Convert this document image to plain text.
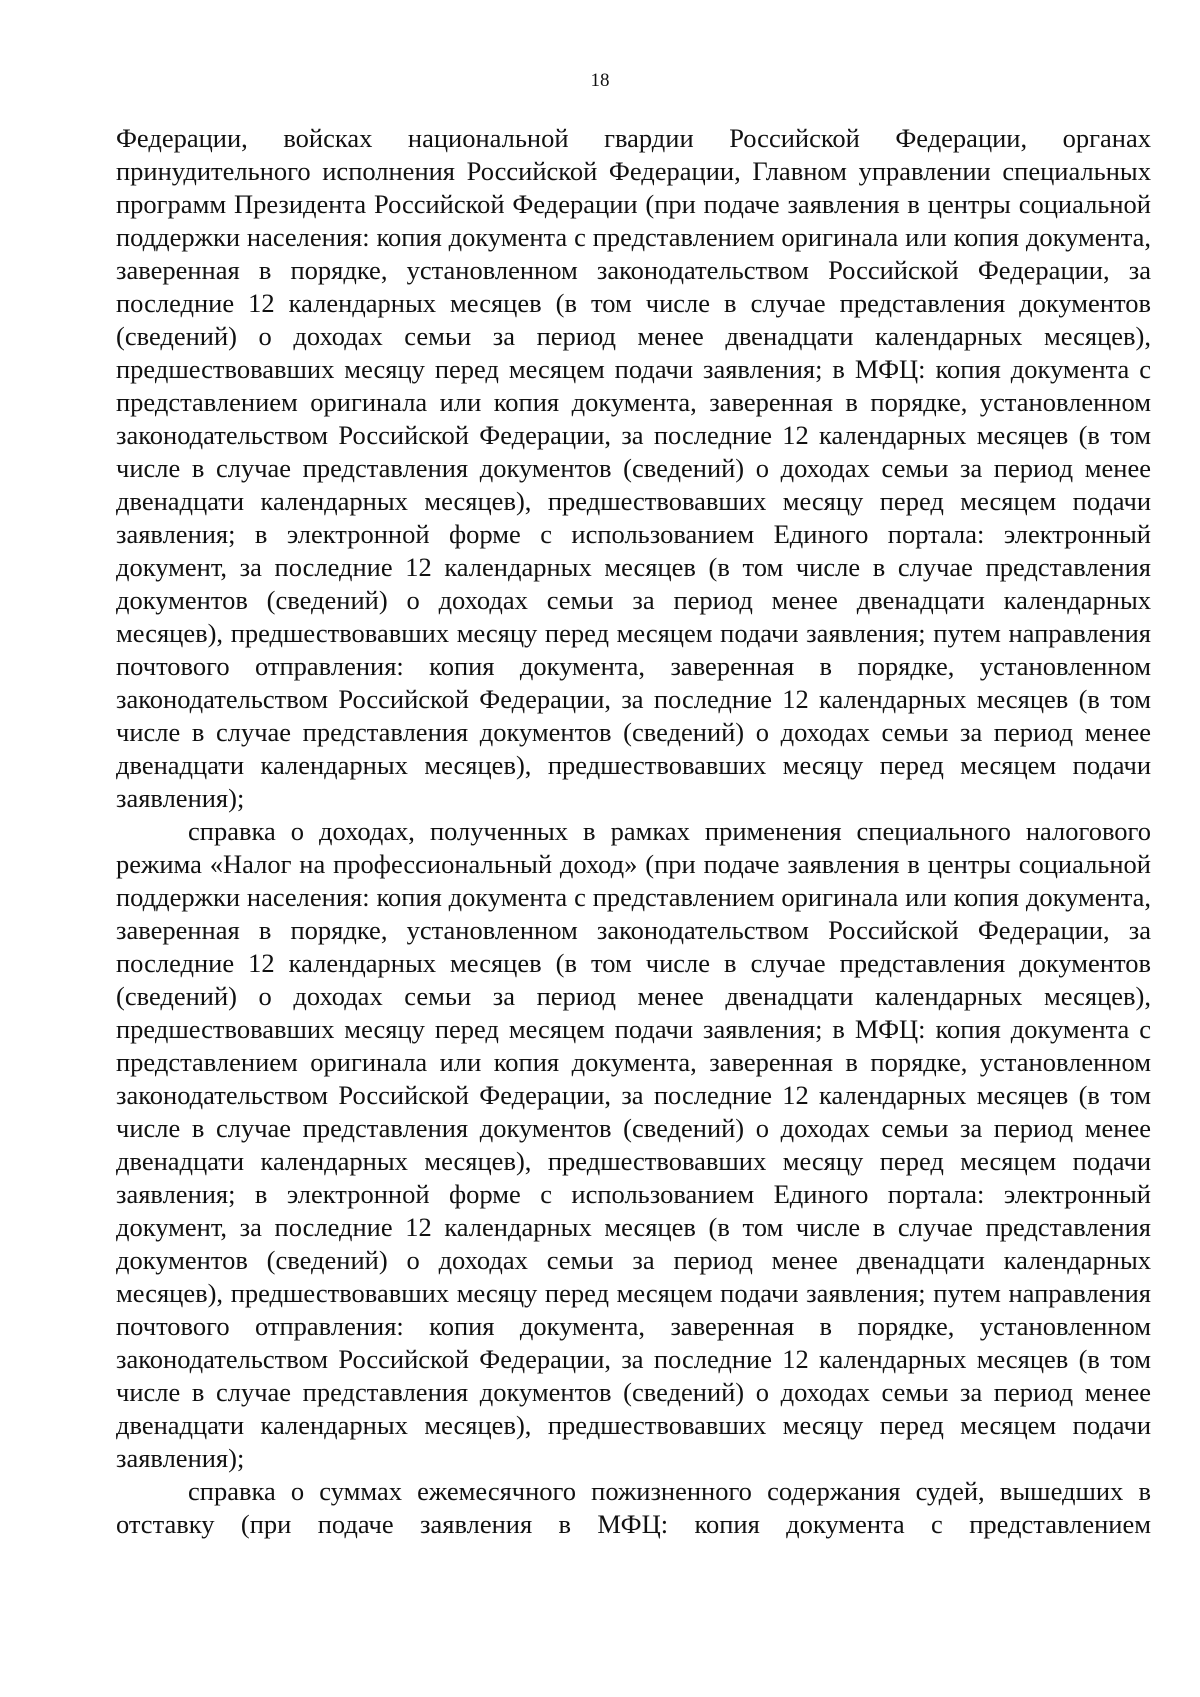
18

Федерации, войсках национальной гвардии Российской Федерации, органах принудительного исполнения Российской Федерации, Главном управлении специальных программ Президента Российской Федерации (при подаче заявления в центры социальной поддержки населения: копия документа с представлением оригинала или копия документа, заверенная в порядке, установленном законодательством Российской Федерации, за последние 12 календарных месяцев (в том числе в случае представления документов (сведений) о доходах семьи за период менее двенадцати календарных месяцев), предшествовавших месяцу перед месяцем подачи заявления; в МФЦ: копия документа с представлением оригинала или копия документа, заверенная в порядке, установленном законодательством Российской Федерации, за последние 12 календарных месяцев (в том числе в случае представления документов (сведений) о доходах семьи за период менее двенадцати календарных месяцев), предшествовавших месяцу перед месяцем подачи заявления; в электронной форме с использованием Единого портала: электронный документ, за последние 12 календарных месяцев (в том числе в случае представления документов (сведений) о доходах семьи за период менее двенадцати календарных месяцев), предшествовавших месяцу перед месяцем подачи заявления; путем направления почтового отправления: копия документа, заверенная в порядке, установленном законодательством Российской Федерации, за последние 12 календарных месяцев (в том числе в случае представления документов (сведений) о доходах семьи за период менее двенадцати календарных месяцев), предшествовавших месяцу перед месяцем подачи заявления);

справка о доходах, полученных в рамках применения специального налогового режима «Налог на профессиональный доход» (при подаче заявления в центры социальной поддержки населения: копия документа с представлением оригинала или копия документа, заверенная в порядке, установленном законодательством Российской Федерации, за последние 12 календарных месяцев (в том числе в случае представления документов (сведений) о доходах семьи за период менее двенадцати календарных месяцев), предшествовавших месяцу перед месяцем подачи заявления; в МФЦ: копия документа с представлением оригинала или копия документа, заверенная в порядке, установленном законодательством Российской Федерации, за последние 12 календарных месяцев (в том числе в случае представления документов (сведений) о доходах семьи за период менее двенадцати календарных месяцев), предшествовавших месяцу перед месяцем подачи заявления; в электронной форме с использованием Единого портала: электронный документ, за последние 12 календарных месяцев (в том числе в случае представления документов (сведений) о доходах семьи за период менее двенадцати календарных месяцев), предшествовавших месяцу перед месяцем подачи заявления; путем направления почтового отправления: копия документа, заверенная в порядке, установленном законодательством Российской Федерации, за последние 12 календарных месяцев (в том числе в случае представления документов (сведений) о доходах семьи за период менее двенадцати календарных месяцев), предшествовавших месяцу перед месяцем подачи заявления);

справка о суммах ежемесячного пожизненного содержания судей, вышедших в отставку (при подаче заявления в МФЦ: копия документа с представлением
